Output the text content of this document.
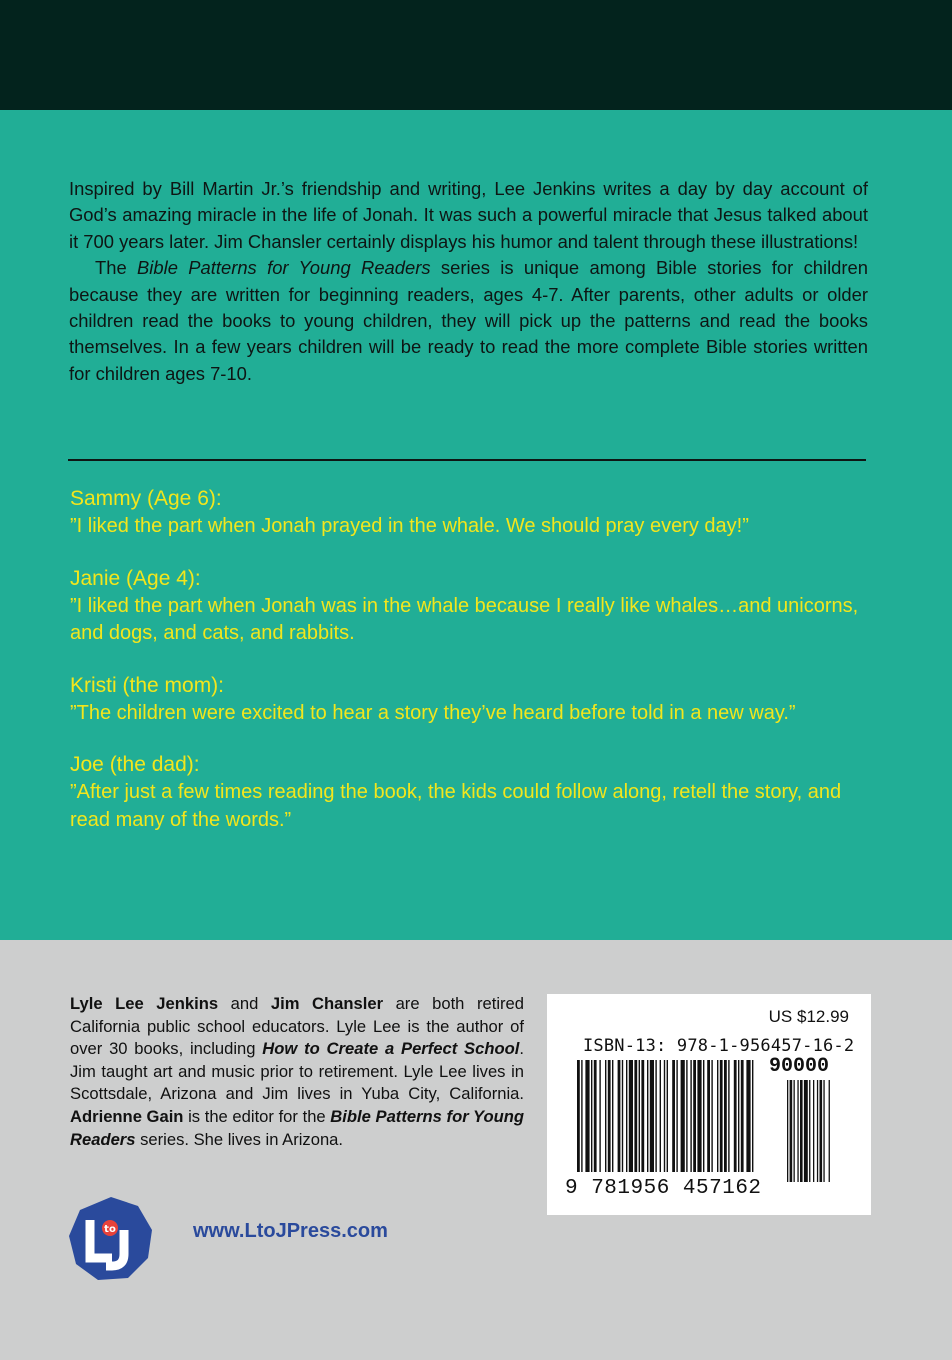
Inspired by Bill Martin Jr.’s friendship and writing, Lee Jenkins writes a day by day account of God’s amazing miracle in the life of Jonah. It was such a powerful miracle that Jesus talked about it 700 years later. Jim Chansler certainly displays his humor and talent through these illustrations!

The Bible Patterns for Young Readers series is unique among Bible stories for children because they are written for beginning readers, ages 4-7. After parents, other adults or older children read the books to young children, they will pick up the patterns and read the books themselves. In a few years children will be ready to read the more complete Bible stories written for children ages 7-10.

Sammy (Age 6):
”I liked the part when Jonah prayed in the whale. We should pray every day!”
Janie (Age 4):
”I liked the part when Jonah was in the whale because I really like whales…and unicorns, and dogs, and cats, and rabbits.
Kristi (the mom):
”The children were excited to hear a story they’ve heard before told in a new way.”
Joe (the dad):
”After just a few times reading the book, the kids could follow along, retell the story, and read many of the words.”

Lyle Lee Jenkins and Jim Chansler are both retired California public school educators. Lyle Lee is the author of over 30 books, including How to Create a Perfect School. Jim taught art and music prior to retirement. Lyle Lee lives in Scottsdale, Arizona and Jim lives in Yuba City, California. Adrienne Gain is the editor for the Bible Patterns for Young Readers series. She lives in Arizona.

to	www.LtoJPress.com
US $12.99
ISBN-13: 978-1-956457-16-2
90000
9 781956 457162
